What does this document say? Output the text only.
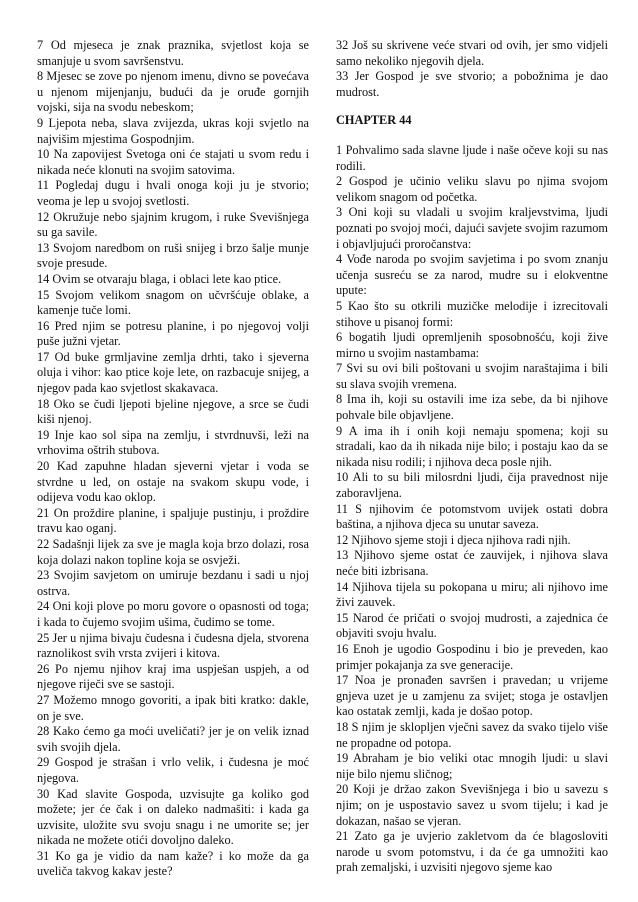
7 Od mjeseca je znak praznika, svjetlost koja se smanjuje u svom savršenstvu.

8 Mjesec se zove po njenom imenu, divno se povećava u njenom mijenjanju, budući da je oruđe gornjih vojski, sija na svodu nebeskom;

9 Ljepota neba, slava zvijezda, ukras koji svjetlo na najvišim mjestima Gospodnjim.

10 Na zapovijest Svetoga oni će stajati u svom redu i nikada neće klonuti na svojim satovima.

11 Pogledaj dugu i hvali onoga koji ju je stvorio; veoma je lep u svojoj svetlosti.

12 Okružuje nebo sjajnim krugom, i ruke Svevišnjega su ga savile.

13 Svojom naredbom on ruši snijeg i brzo šalje munje svoje presude.

14 Ovim se otvaraju blaga, i oblaci lete kao ptice.

15 Svojom velikom snagom on učvršćuje oblake, a kamenje tuče lomi.

16 Pred njim se potresu planine, i po njegovoj volji puše južni vjetar.

17 Od buke grmljavine zemlja drhti, tako i sjeverna oluja i vihor: kao ptice koje lete, on razbacuje snijeg, a njegov pada kao svjetlost skakavaca.

18 Oko se čudi ljepoti bjeline njegove, a srce se čudi kiši njenoj.

19 Inje kao sol sipa na zemlju, i stvrdnuvši, leži na vrhovima oštrih stubova.

20 Kad zapuhne hladan sjeverni vjetar i voda se stvrdne u led, on ostaje na svakom skupu vode, i odijeva vodu kao oklop.

21 On proždire planine, i spaljuje pustinju, i proždire travu kao oganj.

22 Sadašnji lijek za sve je magla koja brzo dolazi, rosa koja dolazi nakon topline koja se osvježi.

23 Svojim savjetom on umiruje bezdanu i sadi u njoj ostrva.

24 Oni koji plove po moru govore o opasnosti od toga; i kada to čujemo svojim ušima, čudimo se tome.

25 Jer u njima bivaju čudesna i čudesna djela, stvorena raznolikost svih vrsta zvijeri i kitova.

26 Po njemu njihov kraj ima uspješan uspjeh, a od njegove riječi sve se sastoji.

27 Možemo mnogo govoriti, a ipak biti kratko: dakle, on je sve.

28 Kako ćemo ga moći uveličati? jer je on velik iznad svih svojih djela.

29 Gospod je strašan i vrlo velik, i čudesna je moć njegova.

30 Kad slavite Gospoda, uzvisujte ga koliko god možete; jer će čak i on daleko nadmašiti: i kada ga uzvisite, uložite svu svoju snagu i ne umorite se; jer nikada ne možete otići dovoljno daleko.

31 Ko ga je vidio da nam kaže? i ko može da ga uveliča takvog kakav jeste?

32 Još su skrivene veće stvari od ovih, jer smo vidjeli samo nekoliko njegovih djela.

33 Jer Gospod je sve stvorio; a pobožnima je dao mudrost.

CHAPTER 44

1 Pohvalimo sada slavne ljude i naše očeve koji su nas rodili.

2 Gospod je učinio veliku slavu po njima svojom velikom snagom od početka.

3 Oni koji su vladali u svojim kraljevstvima, ljudi poznati po svojoj moći, dajući savjete svojim razumom i objavljujući proročanstva:

4 Vođe naroda po svojim savjetima i po svom znanju učenja susreću se za narod, mudre su i elokventne upute:

5 Kao što su otkrili muzičke melodije i izrecitovali stihove u pisanoj formi:

6 bogatih ljudi opremljenih sposobnošću, koji žive mirno u svojim nastambama:

7 Svi su ovi bili poštovani u svojim naraštajima i bili su slava svojih vremena.

8 Ima ih, koji su ostavili ime iza sebe, da bi njihove pohvale bile objavljene.

9 A ima ih i onih koji nemaju spomena; koji su stradali, kao da ih nikada nije bilo; i postaju kao da se nikada nisu rodili; i njihova deca posle njih.

10 Ali to su bili milosrdni ljudi, čija pravednost nije zaboravljena.

11 S njihovim će potomstvom uvijek ostati dobra baština, a njihova djeca su unutar saveza.

12 Njihovo sjeme stoji i djeca njihova radi njih.

13 Njihovo sjeme ostat će zauvijek, i njihova slava neće biti izbrisana.

14 Njihova tijela su pokopana u miru; ali njihovo ime živi zauvek.

15 Narod će pričati o svojoj mudrosti, a zajednica će objaviti svoju hvalu.

16 Enoh je ugodio Gospodinu i bio je preveden, kao primjer pokajanja za sve generacije.

17 Noa je pronađen savršen i pravedan; u vrijeme gnjeva uzet je u zamjenu za svijet; stoga je ostavljen kao ostatak zemlji, kada je došao potop.

18 S njim je sklopljen vječni savez da svako tijelo više ne propadne od potopa.

19 Abraham je bio veliki otac mnogih ljudi: u slavi nije bilo njemu sličnog;

20 Koji je držao zakon Svevišnjega i bio u savezu s njim; on je uspostavio savez u svom tijelu; i kad je dokazan, našao se vjeran.

21 Zato ga je uvjerio zakletvom da će blagosloviti narode u svom potomstvu, i da će ga umnožiti kao prah zemaljski, i uzvisiti njegovo sjeme kao
